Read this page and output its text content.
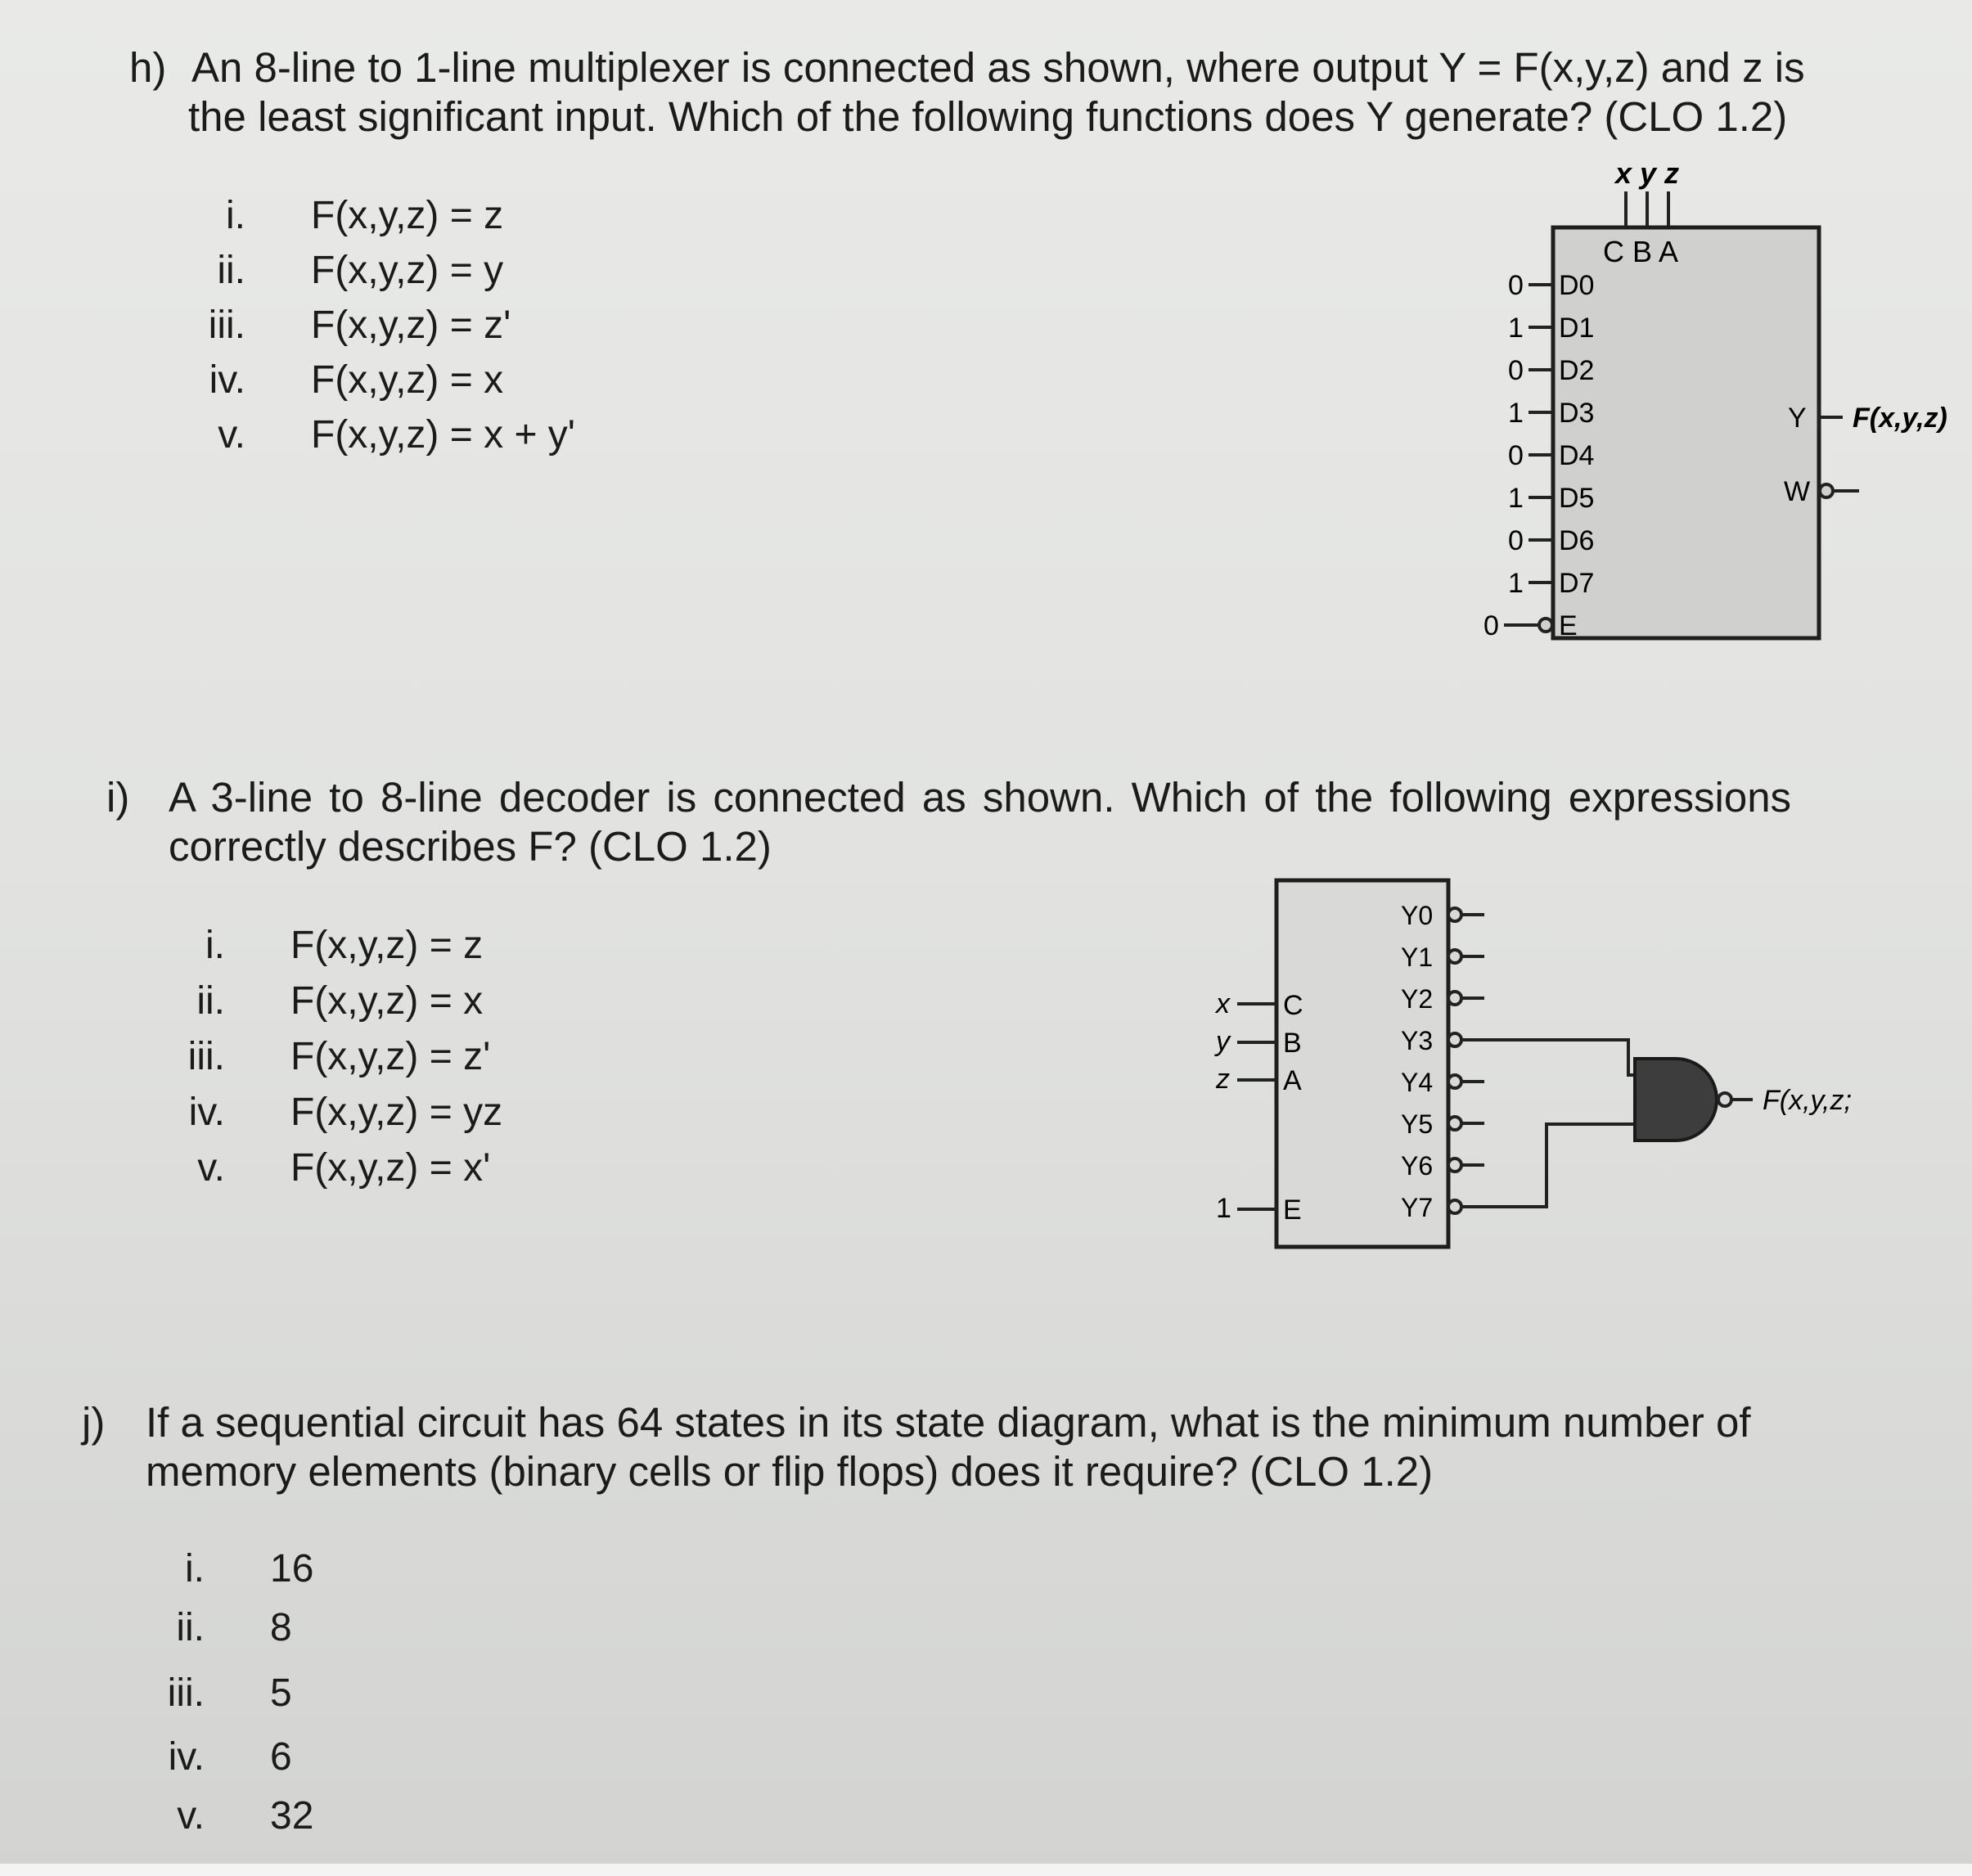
h) An 8-line to 1-line multiplexer is connected as shown, where output Y = F(x,y,z) and z is
the least significant input. Which of the following functions does Y generate? (CLO 1.2)
i. F(x,y,z) = z
ii. F(x,y,z) = y
iii. F(x,y,z) = z'
iv. F(x,y,z) = x
v. F(x,y,z) = x + y'
x y z
C B A
0 D0
1 D1
0 D2
1 D3
0 D4
1 D5
0 D6
1 D7
0 E
Y F(x,y,z)
W
i) A 3-line to 8-line decoder is connected as shown. Which of the following expressions
correctly describes F? (CLO 1.2)
i. F(x,y,z) = z
ii. F(x,y,z) = x
iii. F(x,y,z) = z'
iv. F(x,y,z) = yz
v. F(x,y,z) = x'
x C
y B
z A
1 E
Y0
Y1
Y2
Y3
Y4
Y5
Y6
Y7
F(x,y,z;
j) If a sequential circuit has 64 states in its state diagram, what is the minimum number of
memory elements (binary cells or flip flops) does it require? (CLO 1.2)
i. 16
ii. 8
iii. 5
iv. 6
v. 32
